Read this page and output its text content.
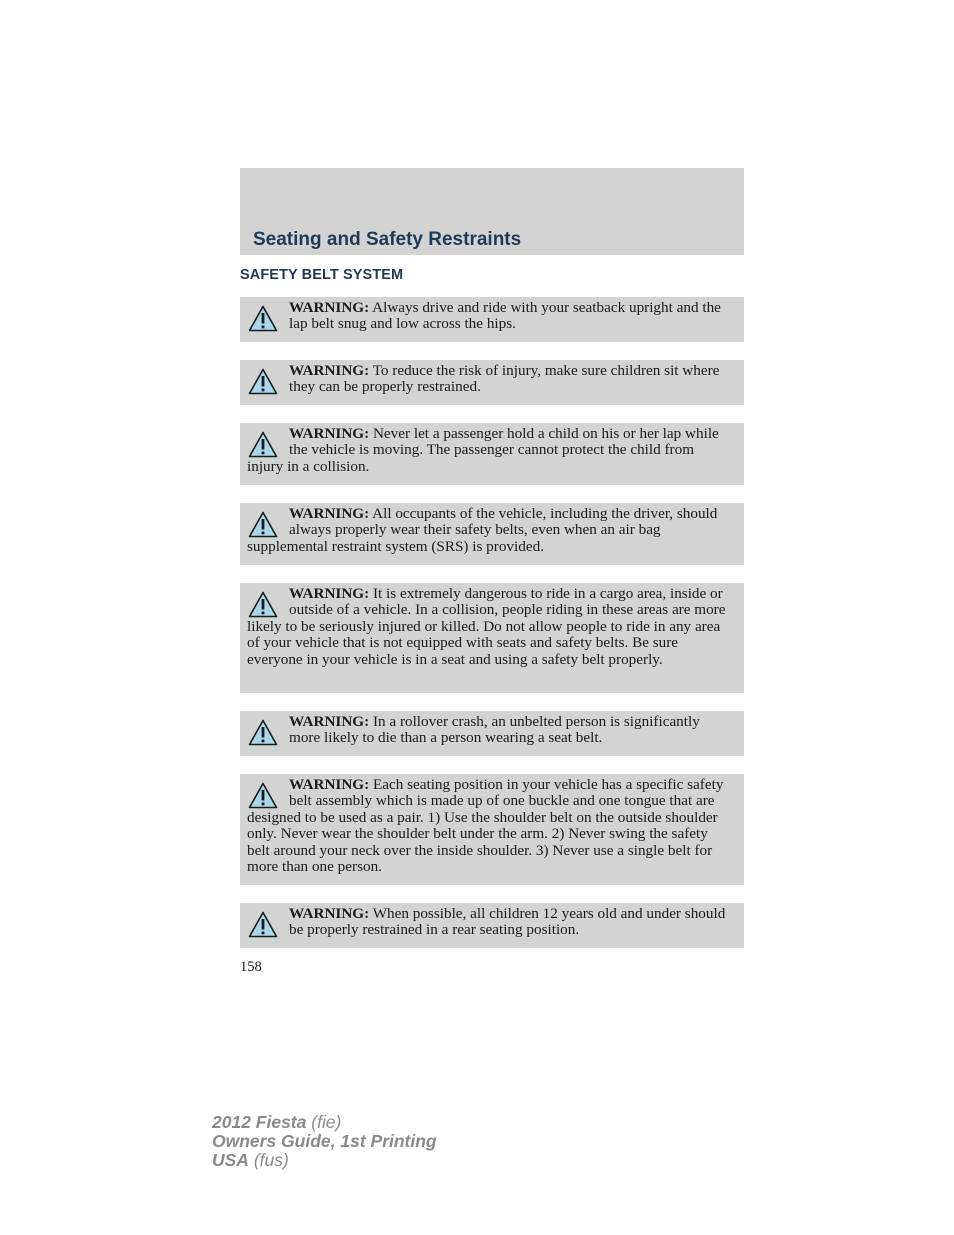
Seating and Safety Restraints
SAFETY BELT SYSTEM

WARNING: Always drive and ride with your seatback upright and the lap belt snug and low across the hips.

WARNING: To reduce the risk of injury, make sure children sit where they can be properly restrained.

WARNING: Never let a passenger hold a child on his or her lap while the vehicle is moving. The passenger cannot protect the child from injury in a collision.

WARNING: All occupants of the vehicle, including the driver, should always properly wear their safety belts, even when an air bag supplemental restraint system (SRS) is provided.

WARNING: It is extremely dangerous to ride in a cargo area, inside or outside of a vehicle. In a collision, people riding in these areas are more likely to be seriously injured or killed. Do not allow people to ride in any area of your vehicle that is not equipped with seats and safety belts. Be sure everyone in your vehicle is in a seat and using a safety belt properly.

WARNING: In a rollover crash, an unbelted person is significantly more likely to die than a person wearing a seat belt.

WARNING: Each seating position in your vehicle has a specific safety belt assembly which is made up of one buckle and one tongue that are designed to be used as a pair. 1) Use the shoulder belt on the outside shoulder only. Never wear the shoulder belt under the arm. 2) Never swing the safety belt around your neck over the inside shoulder. 3) Never use a single belt for more than one person.

WARNING: When possible, all children 12 years old and under should be properly restrained in a rear seating position.

158
2012 Fiesta (fie)
Owners Guide, 1st Printing
USA (fus)
